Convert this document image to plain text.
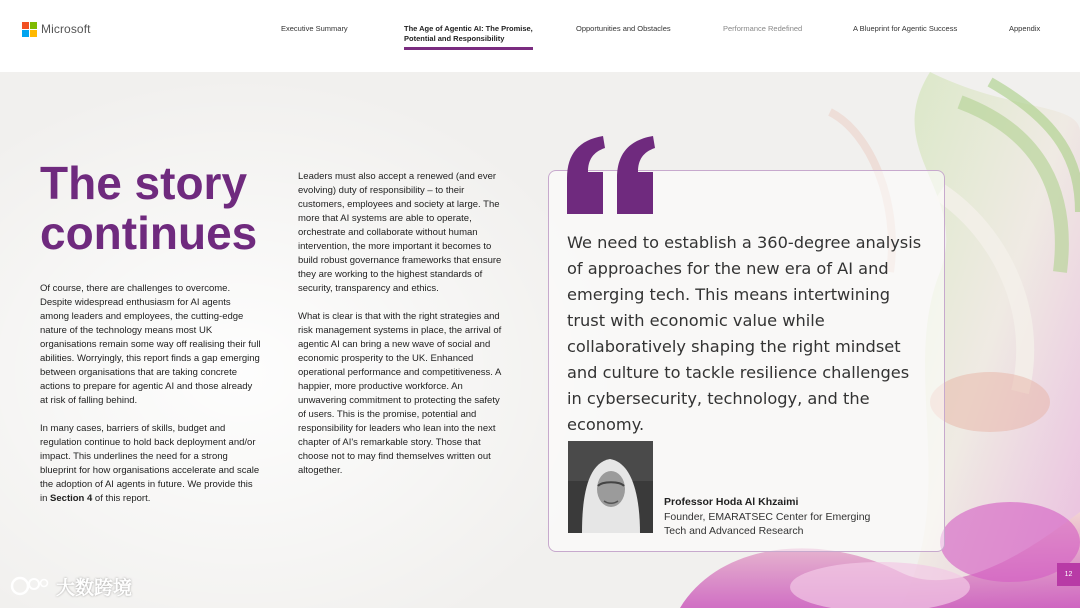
Microsoft	Executive Summary	The Age of Agentic AI: The Promise,
Potential and Responsibility
Opportunities and Obstacles	Performance Redefined	A Blueprint for Agentic Success	Appendix
The story
continues
Of course, there are challenges to overcome. Despite widespread enthusiasm for AI agents among leaders and employees, the cutting-edge nature of the technology means most UK organisations remain some way off realising their full abilities. Worryingly, this report finds a gap emerging between organisations that are taking concrete actions to prepare for agentic AI and those already at risk of falling behind.
In many cases, barriers of skills, budget and regulation continue to hold back deployment and/or impact. This underlines the need for a strong blueprint for how organisations accelerate and scale the adoption of AI agents in future. We provide this in Section 4 of this report.
Leaders must also accept a renewed (and ever evolving) duty of responsibility – to their customers, employees and society at large. The more that AI systems are able to operate, orchestrate and collaborate without human intervention, the more important it becomes to build robust governance frameworks that ensure they are working to the highest standards of security, transparency and ethics.
What is clear is that with the right strategies and risk management systems in place, the arrival of agentic AI can bring a new wave of social and economic prosperity to the UK. Enhanced operational performance and competitiveness. A happier, more productive workforce. An unwavering commitment to protecting the safety of users. This is the promise, potential and responsibility for leaders who lean into the next chapter of AI's remarkable story. Those that choose not to may find themselves written out altogether.
We need to establish a 360-degree analysis of approaches for the new era of AI and emerging tech. This means intertwining trust with economic value while collaboratively shaping the right mindset and culture to tackle resilience challenges in cybersecurity, technology, and the economy.
Professor Hoda Al Khzaimi
Founder, EMARATSEC Center for Emerging Tech and Advanced Research
大数跨境
12
